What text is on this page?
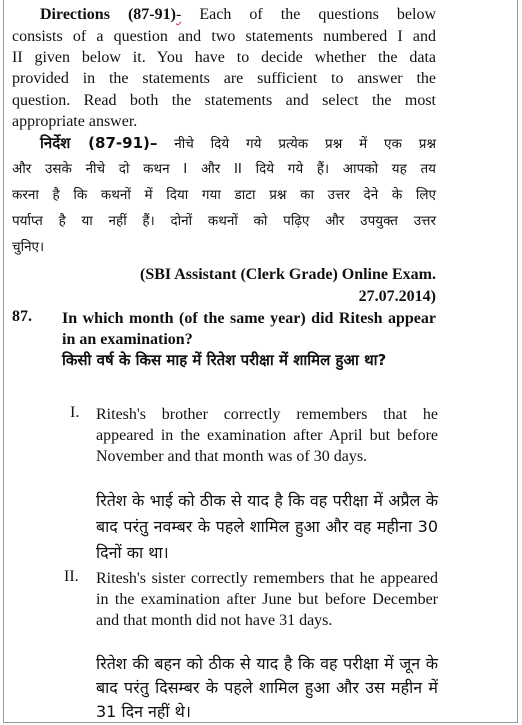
Directions (87-91)- Each of the questions below

consists of a question and two statements numbered I and

II given below it. You have to decide whether the data

provided in the statements are sufficient to answer the

question. Read both the statements and select the most

appropriate answer.

निर्देश (87-91)– नीचे दिये गये प्रत्येक प्रश्न में एक प्रश्न

और उसके नीचे दो कथन I और II दिये गये हैं। आपको यह तय

करना है कि कथनों में दिया गया डाटा प्रश्न का उत्तर देने के लिए

पर्याप्त है या नहीं हैं। दोनों कथनों को पढ़िए और उपयुक्त उत्तर

चुनिए।

(SBI Assistant (Clerk Grade) Online Exam.

27.07.2014)

87. In which month (of the same year) did Ritesh appear in an examination?

किसी वर्ष के किस माह में रितेश परीक्षा में शामिल हुआ था?

I. Ritesh's brother correctly remembers that he appeared in the examination after April but before November and that month was of 30 days.

रितेश के भाई को ठीक से याद है कि वह परीक्षा में अप्रैल के बाद परंतु नवम्बर के पहले शामिल हुआ और वह महीना 30 दिनों का था।

II. Ritesh's sister correctly remembers that he appeared in the examination after June but before December and that month did not have 31 days.

रितेश की बहन को ठीक से याद है कि वह परीक्षा में जून के बाद परंतु दिसम्बर के पहले शामिल हुआ और उस महीन में 31 दिन नहीं थे।
